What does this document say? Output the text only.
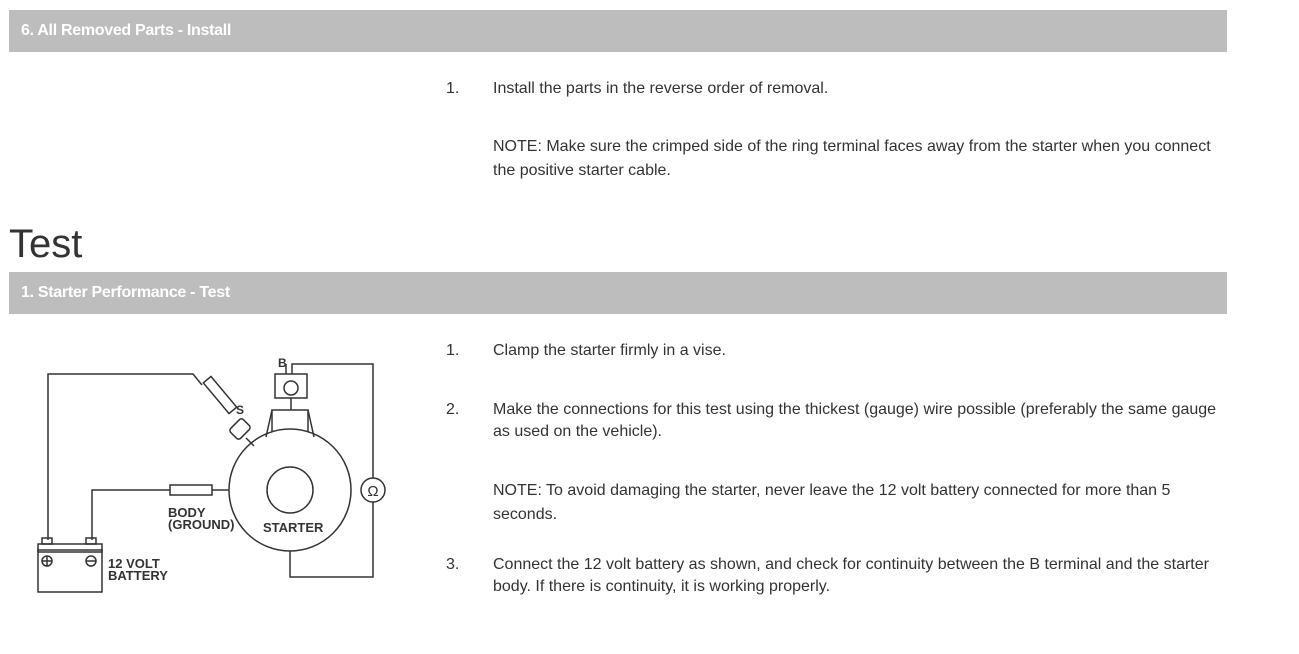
6. All Removed Parts - Install
1.	Install the parts in the reverse order of removal.
NOTE: Make sure the crimped side of the ring terminal faces away from the starter when you connect the positive starter cable.
Test
1. Starter Performance - Test
1.	Clamp the starter firmly in a vise.
2.	Make the connections for this test using the thickest (gauge) wire possible (preferably the same gauge as used on the vehicle).
NOTE: To avoid damaging the starter, never leave the 12 volt battery connected for more than 5 seconds.
3.	Connect the 12 volt battery as shown, and check for continuity between the B terminal and the starter body. If there is continuity, it is working properly.
B
S
BODY
(GROUND) STARTER
12 VOLT
BATTERY
Ω
